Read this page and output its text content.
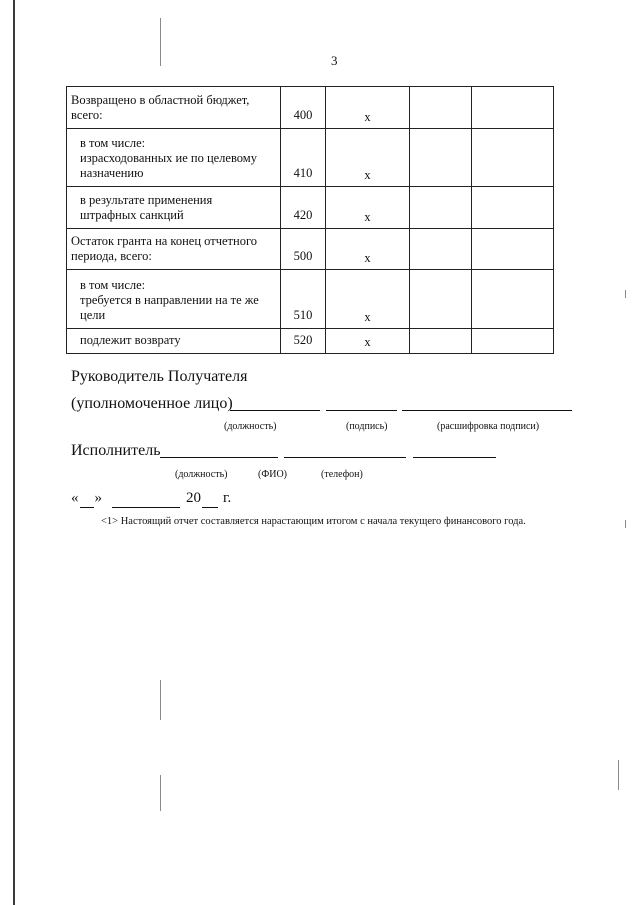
3
Возвращено в областной бюджет,
всего:	400	x		
в том числе:
израсходованных ие по целевому
назначению	410	x		
в результате применения
штрафных санкций	420	x		
Остаток гранта на конец отчетного
периода, всего:	500	x		
в том числе:
требуется в направлении на те же
цели	510	x		
подлежит возврату	520	x		
Руководитель Получателя
(уполномоченное лицо)
(должность)	(подпись)	(расшифровка подписи)
Исполнитель
(должность)	(ФИО)	(телефон)
« »	20 г.
<1> Настоящий отчет составляется нарастающим итогом с начала текущего финансового года.
